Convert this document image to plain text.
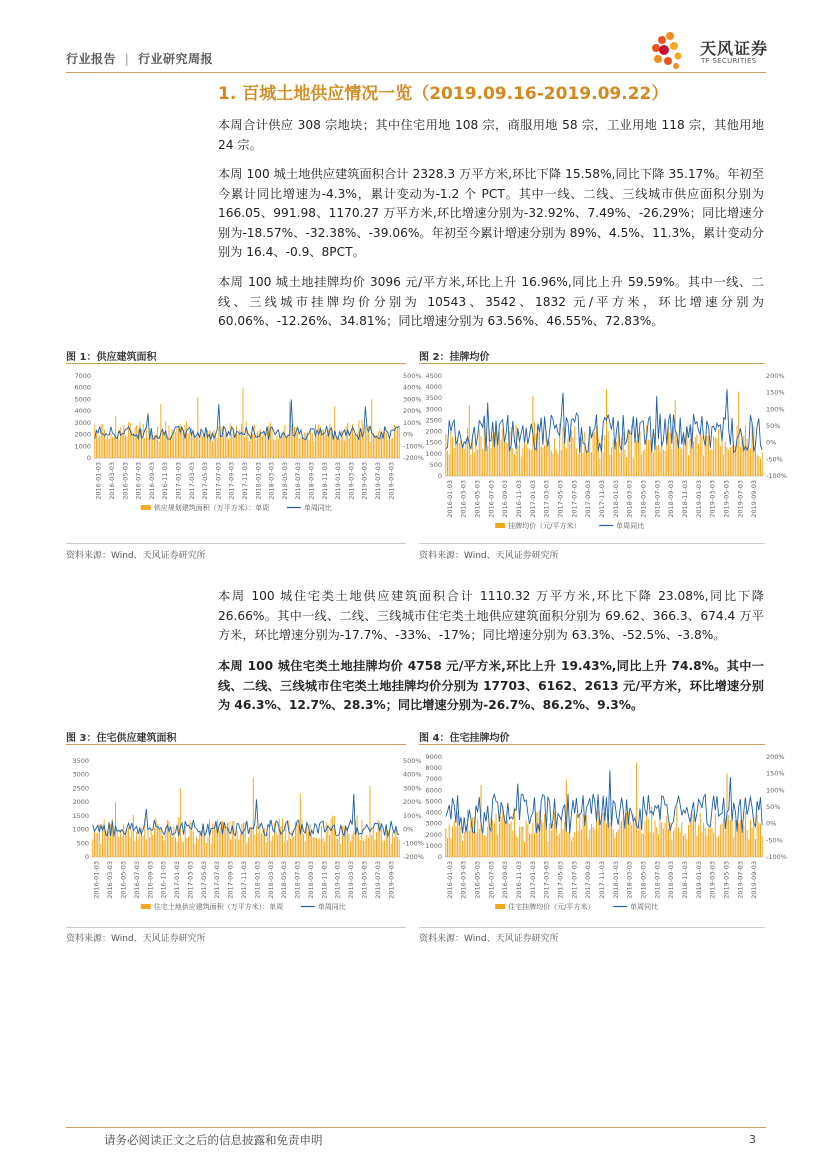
行业报告 | 行业研究周报
天风证券
TF SECURITIES
1. 百城土地供应情况一览（2019.09.16-2019.09.22）
本周合计供应 308 宗地块；其中住宅用地 108 宗，商服用地 58 宗，工业用地 118 宗，其他用地 24 宗。
本周 100 城土地供应建筑面积合计 2328.3 万平方米,环比下降 15.58%,同比下降 35.17%。年初至今累计同比增速为-4.3%，累计变动为-1.2 个 PCT。其中一线、二线、三线城市供应面积分别为 166.05、991.98、1170.27 万平方米,环比增速分别为-32.92%、7.49%、-26.29%；同比增速分别为-18.57%、-32.38%、-39.06%。年初至今累计增速分别为 89%、4.5%、11.3%，累计变动分别为 16.4、-0.9、8PCT。
本周 100 城土地挂牌均价 3096 元/平方米,环比上升 16.96%,同比上升 59.59%。其中一线、二线、三线城市挂牌均价分别为 10543、3542、1832 元/平方米，环比增速分别为 60.06%、-12.26%、34.81%；同比增速分别为 63.56%、46.55%、72.83%。
图 1：供应建筑面积
0
1000
2000
3000
4000
5000
6000
7000
-200%
-100%
0%
100%
200%
300%
400%
500%
2016-01-03 2016-03-03 2016-05-03 2016-07-03 2016-09-03 2016-11-03 2017-01-03 2017-03-03 2017-05-03 2017-07-03 2017-09-03 2017-11-03 2018-01-03 2018-03-03 2018-05-03 2018-07-03 2018-09-03 2018-11-03 2019-01-03 2019-03-03 2019-05-03 2019-07-03 2019-09-03
供应规划建筑面积（万平方米）：单周	单周同比
资料来源：Wind、天风证券研究所
图 2：挂牌均价
0
500
1000
1500
2000
2500
3000
3500
4000
4500
-100%
-50%
0%
50%
100%
150%
200%
2016-01-03 2016-03-03 2016-05-03 2016-07-03 2016-09-03 2016-11-03 2017-01-03 2017-03-03 2017-05-03 2017-07-03 2017-09-03 2017-11-03 2018-01-03 2018-03-03 2018-05-03 2018-07-03 2018-09-03 2018-11-03 2019-01-03 2019-03-03 2019-05-03 2019-07-03 2019-09-03
挂牌均价（元/平方米）	单周同比
资料来源：Wind、天风证券研究所
本周 100 城住宅类土地供应建筑面积合计 1110.32 万平方米,环比下降 23.08%,同比下降 26.66%。其中一线、二线、三线城市住宅类土地供应建筑面积分别为 69.62、366.3、674.4 万平方米，环比增速分别为-17.7%、-33%、-17%；同比增速分别为 63.3%、-52.5%、-3.8%。
本周 100 城住宅类土地挂牌均价 4758 元/平方米,环比上升 19.43%,同比上升 74.8%。其中一线、二线、三线城市住宅类土地挂牌均价分别为 17703、6162、2613 元/平方米，环比增速分别为 46.3%、12.7%、28.3%；同比增速分别为-26.7%、86.2%、9.3%。
图 3：住宅供应建筑面积
0
500
1000
1500
2000
2500
3000
3500
-200%
-100%
0%
100%
200%
300%
400%
500%
2016-01-03 2016-03-03 2016-05-03 2016-07-03 2016-09-03 2016-11-03 2017-01-03 2017-03-03 2017-05-03 2017-07-03 2017-09-03 2017-11-03 2018-01-03 2018-03-03 2018-05-03 2018-07-03 2018-09-03 2018-11-03 2019-01-03 2019-03-03 2019-05-03 2019-07-03 2019-09-03
住宅土地供应建筑面积（万平方米）：单周	单周同比
资料来源：Wind、天风证券研究所
图 4：住宅挂牌均价
0
1000
2000
3000
4000
5000
6000
7000
8000
9000
-100%
-50%
0%
50%
100%
150%
200%
2016-01-03 2016-03-03 2016-05-03 2016-07-03 2016-09-03 2016-11-03 2017-01-03 2017-03-03 2017-05-03 2017-07-03 2017-09-03 2017-11-03 2018-01-03 2018-03-03 2018-05-03 2018-07-03 2018-09-03 2018-11-03 2019-01-03 2019-03-03 2019-05-03 2019-07-03 2019-09-03
住宅挂牌均价（元/平方米）	单周同比
资料来源：Wind、天风证券研究所
请务必阅读正文之后的信息披露和免责申明	3
